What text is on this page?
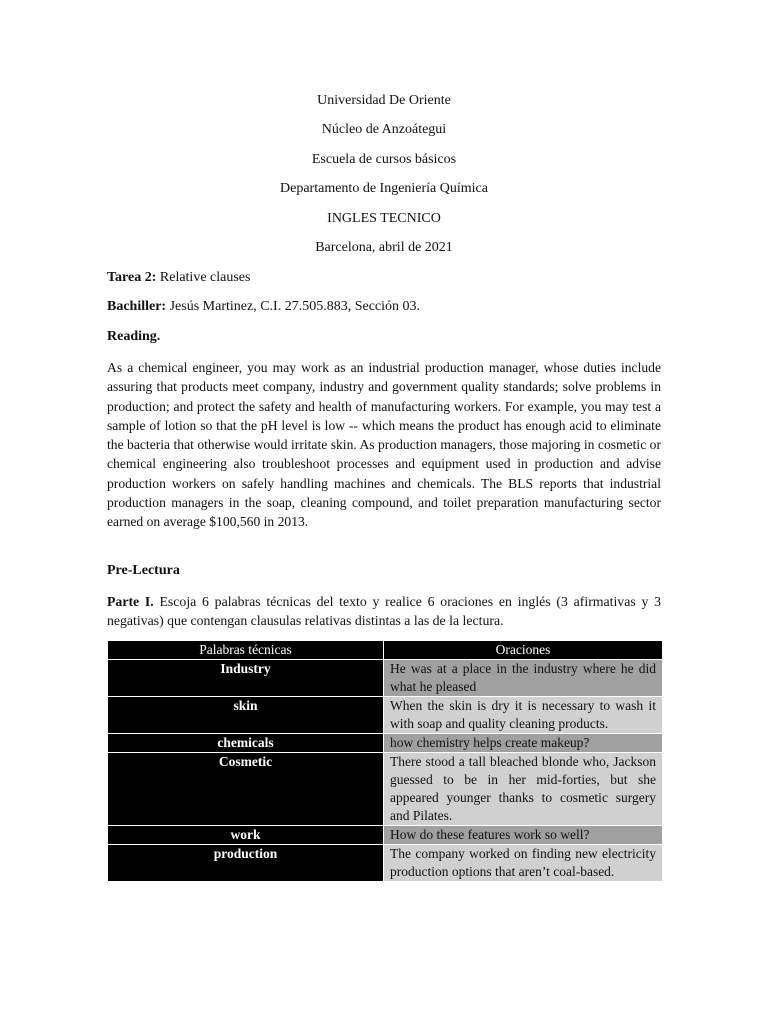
Universidad De Oriente
Núcleo de Anzoátegui
Escuela de cursos básicos
Departamento de Ingeniería Química
INGLES TECNICO
Barcelona, abril de 2021
Tarea 2: Relative clauses
Bachiller: Jesús Martinez, C.I. 27.505.883, Sección 03.
Reading.
As a chemical engineer, you may work as an industrial production manager, whose duties include assuring that products meet company, industry and government quality standards; solve problems in production; and protect the safety and health of manufacturing workers. For example, you may test a sample of lotion so that the pH level is low -- which means the product has enough acid to eliminate the bacteria that otherwise would irritate skin. As production managers, those majoring in cosmetic or chemical engineering also troubleshoot processes and equipment used in production and advise production workers on safely handling machines and chemicals. The BLS reports that industrial production managers in the soap, cleaning compound, and toilet preparation manufacturing sector earned on average $100,560 in 2013.
Pre-Lectura
Parte I. Escoja 6 palabras técnicas del texto y realice 6 oraciones en inglés (3 afirmativas y 3 negativas) que contengan clausulas relativas distintas a las de la lectura.
Palabras técnicas	Oraciones
Industry	He was at a place in the industry where he did what he pleased
skin	When the skin is dry it is necessary to wash it with soap and quality cleaning products.
chemicals	how chemistry helps create makeup?
Cosmetic	There stood a tall bleached blonde who, Jackson guessed to be in her mid-forties, but she appeared younger thanks to cosmetic surgery and Pilates.
work	How do these features work so well?
production	The company worked on finding new electricity production options that aren’t coal-based.
